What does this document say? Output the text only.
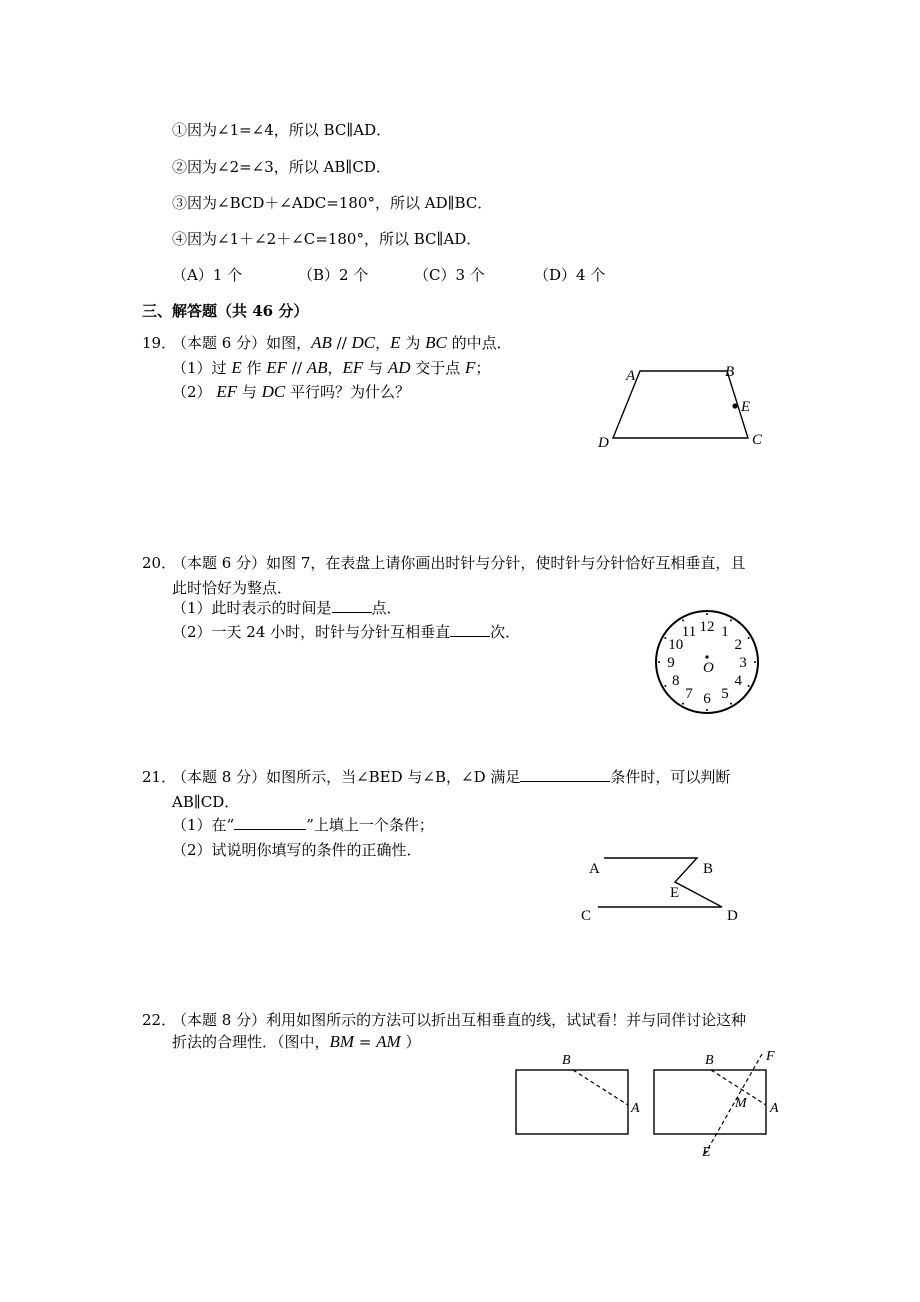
①因为∠1=∠4，所以 BC∥AD．
②因为∠2=∠3，所以 AB∥CD．
③因为∠BCD＋∠ADC=180°，所以 AD∥BC．
④因为∠1＋∠2＋∠C=180°，所以 BC∥AD．
（A）1 个	（B）2 个	（C）3 个	（D）4 个
三、解答题（共 46 分）
19．
（本题 6 分）如图，AB // DC，E 为 BC 的中点．
（1）过 E 作 EF // AB，EF 与 AD 交于点 F；
（2） EF 与 DC 平行吗？为什么？
A	B
E
D	C
20．
（本题 6 分）如图 7，在表盘上请你画出时针与分针，使时针与分针恰好互相垂直，且
此时恰好为整点．
（1）此时表示的时间是	点．
（2）一天 24 小时，时针与分针互相垂直	次．	12 1
2
3
4
5
6
7
8
9
10
11
O
21．
（本题 8 分）如图所示，当∠BED 与∠B，∠D 满足	条件时，可以判断
AB∥CD．
（1）在“	”上填上一个条件；
（2）试说明你填写的条件的正确性．
A	B
E
C	D
22．
（本题 8 分）利用如图所示的方法可以折出互相垂直的线，试试看！并与同伴讨论这种
折法的合理性．（图中，BM = AM ）
B
A
B	F
M A
E
